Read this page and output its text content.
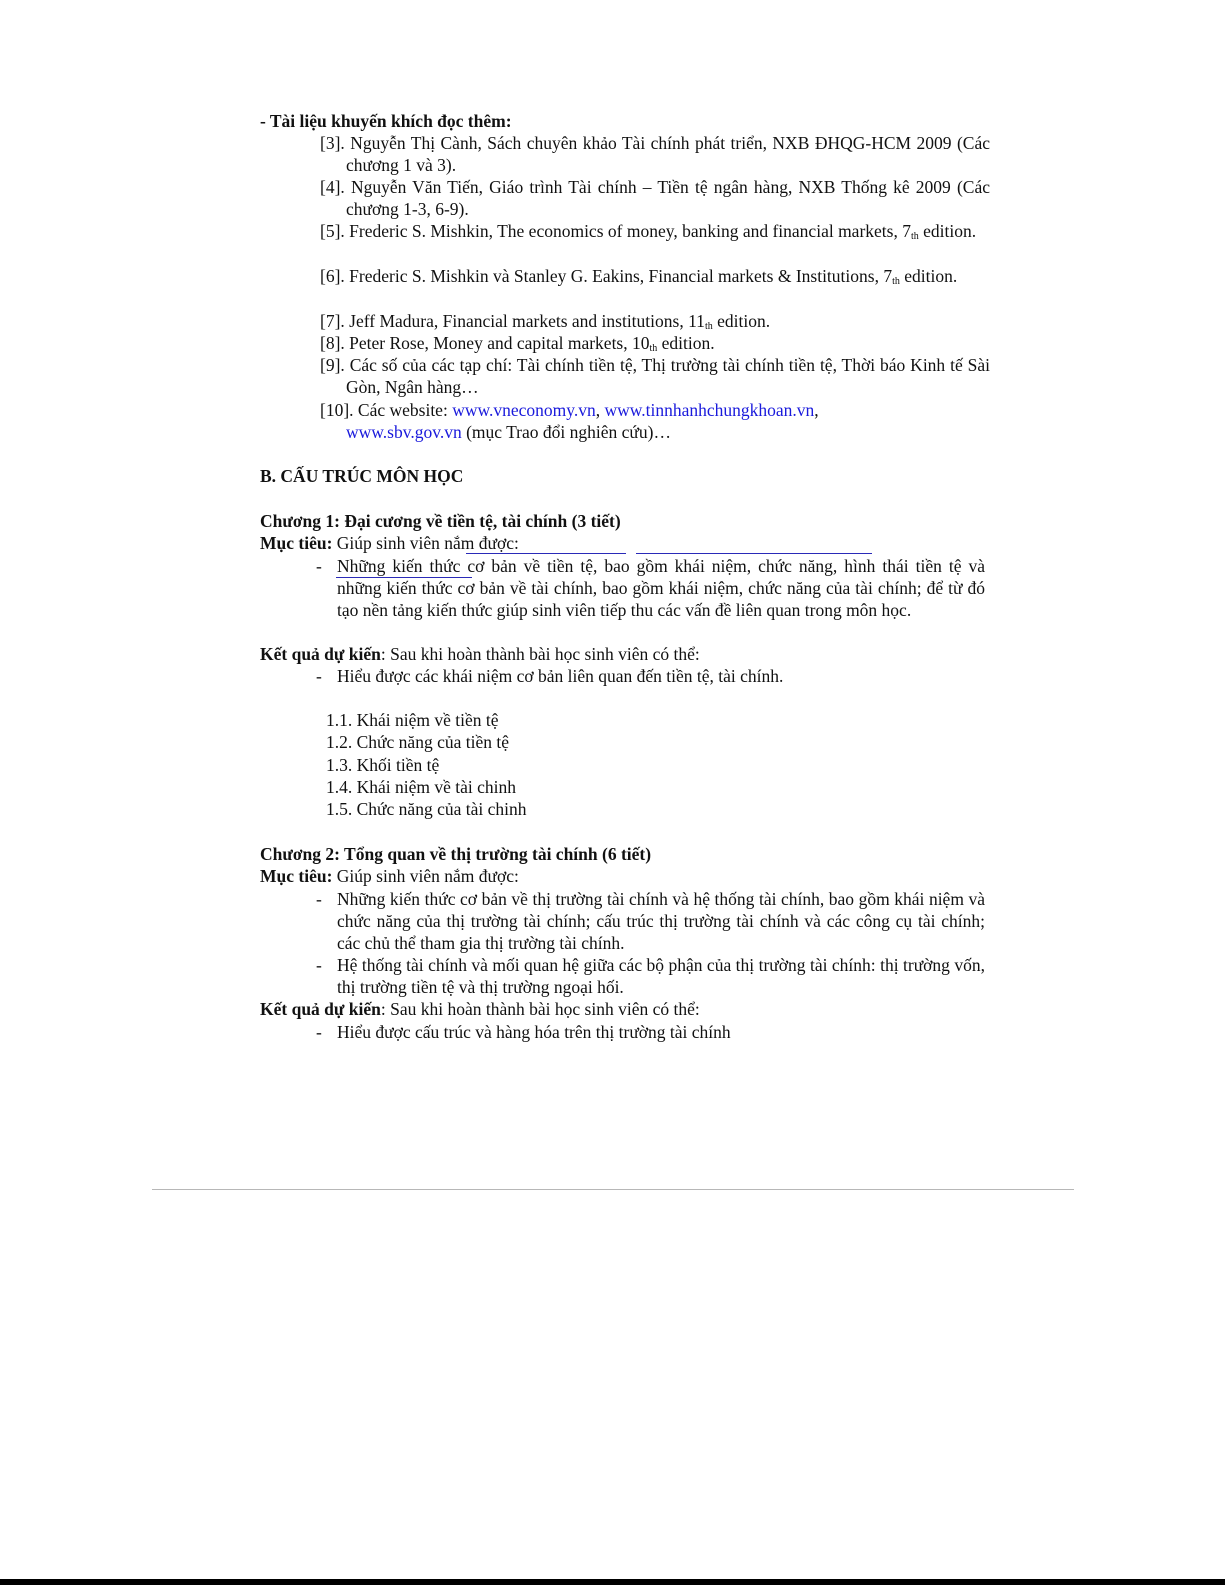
- Tài liệu khuyến khích đọc thêm:
[3]. Nguyễn Thị Cành, Sách chuyên khảo Tài chính phát triển, NXB ĐHQG-HCM 2009 (Các chương 1 và 3).
[4]. Nguyễn Văn Tiến, Giáo trình Tài chính – Tiền tệ ngân hàng, NXB Thống kê 2009 (Các chương 1-3, 6-9).
[5]. Frederic S. Mishkin, The economics of money, banking and financial markets, $7_{th}$ edition.
[6]. Frederic S. Mishkin và Stanley G. Eakins, Financial markets & Institutions, $7_{th}$ edition.
[7]. Jeff Madura, Financial markets and institutions, $11_{th}$ edition.
[8]. Peter Rose, Money and capital markets, $10_{th}$ edition.
[9]. Các số của các tạp chí: Tài chính tiền tệ, Thị trường tài chính tiền tệ, Thời báo Kinh tế Sài Gòn, Ngân hàng…
[10]. Các website: www.vneconomy.vn, www.tinnhanhchungkhoan.vn,
www.sbv.gov.vn (mục Trao đổi nghiên cứu)…
B. CẤU TRÚC MÔN HỌC
Chương 1: Đại cương về tiền tệ, tài chính (3 tiết)
Mục tiêu: Giúp sinh viên nắm được:
- Những kiến thức cơ bản về tiền tệ, bao gồm khái niệm, chức năng, hình thái tiền tệ và những kiến thức cơ bản về tài chính, bao gồm khái niệm, chức năng của tài chính; để từ đó tạo nền tảng kiến thức giúp sinh viên tiếp thu các vấn đề liên quan trong môn học.
Kết quả dự kiến: Sau khi hoàn thành bài học sinh viên có thể:
- Hiểu được các khái niệm cơ bản liên quan đến tiền tệ, tài chính.
1.1. Khái niệm về tiền tệ
1.2. Chức năng của tiền tệ
1.3. Khối tiền tệ
1.4. Khái niệm về tài chinh
1.5. Chức năng của tài chinh
Chương 2: Tổng quan về thị trường tài chính (6 tiết)
Mục tiêu: Giúp sinh viên nắm được:
- Những kiến thức cơ bản về thị trường tài chính và hệ thống tài chính, bao gồm khái niệm và chức năng của thị trường tài chính; cấu trúc thị trường tài chính và các công cụ tài chính; các chủ thể tham gia thị trường tài chính.
- Hệ thống tài chính và mối quan hệ giữa các bộ phận của thị trường tài chính: thị trường vốn, thị trường tiền tệ và thị trường ngoại hối.
Kết quả dự kiến: Sau khi hoàn thành bài học sinh viên có thể:
- Hiểu được cấu trúc và hàng hóa trên thị trường tài chính
